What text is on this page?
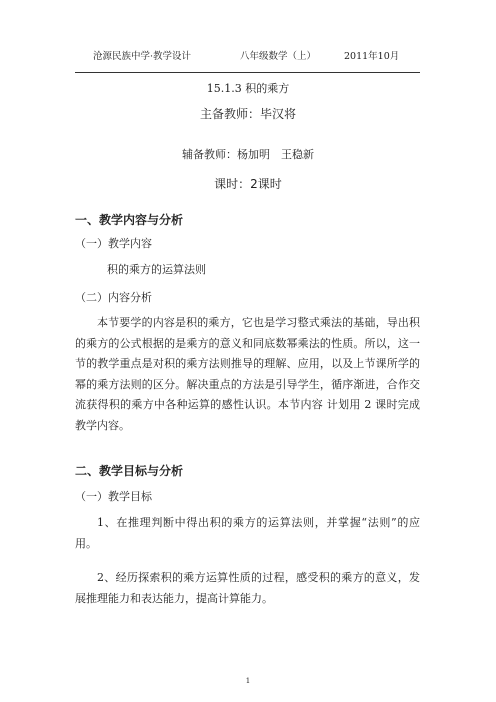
沧源民族中学·教学设计	八年级数学（上）	2011年10月
15.1.3 积的乘方
主备教师：毕汉将
辅备教师：杨加明　王稳新
课时：2课时
一、教学内容与分析
（一）教学内容
积的乘方的运算法则
（二）内容分析
本节要学的内容是积的乘方，它也是学习整式乘法的基础，导出积的乘方的公式根据的是乘方的意义和同底数幂乘法的性质。所以，这一节的教学重点是对积的乘方法则推导的理解、应用，以及上节课所学的幂的乘方法则的区分。解决重点的方法是引导学生，循序渐进，合作交流获得积的乘方中各种运算的感性认识。本节内容 计划用 2 课时完成教学内容。
二、教学目标与分析
（一）教学目标
1、在推理判断中得出积的乘方的运算法则，并掌握“法则”的应用。
2、经历探索积的乘方运算性质的过程，感受积的乘方的意义，发展推理能力和表达能力，提高计算能力。
1
